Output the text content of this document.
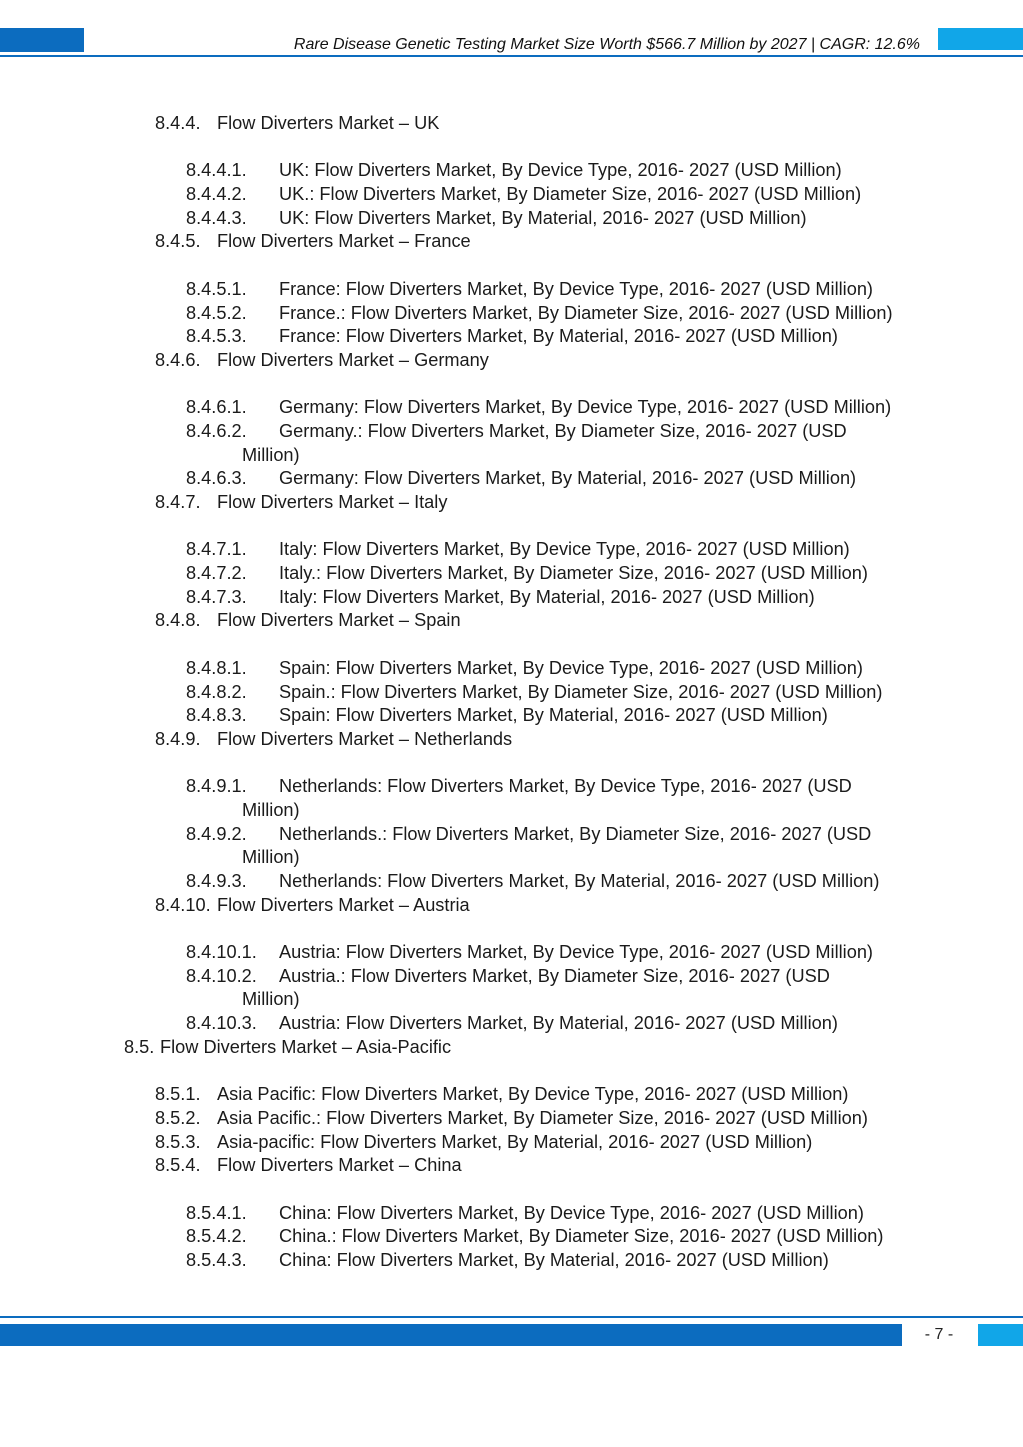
Rare Disease Genetic Testing Market Size Worth $566.7 Million by 2027 | CAGR: 12.6%
8.4.4. Flow Diverters Market – UK
8.4.4.1. UK: Flow Diverters Market, By Device Type, 2016- 2027 (USD Million)
8.4.4.2. UK.: Flow Diverters Market, By Diameter Size, 2016- 2027 (USD Million)
8.4.4.3. UK: Flow Diverters Market, By Material, 2016- 2027 (USD Million)
8.4.5. Flow Diverters Market – France
8.4.5.1. France: Flow Diverters Market, By Device Type, 2016- 2027 (USD Million)
8.4.5.2. France.: Flow Diverters Market, By Diameter Size, 2016- 2027 (USD Million)
8.4.5.3. France: Flow Diverters Market, By Material, 2016- 2027 (USD Million)
8.4.6. Flow Diverters Market – Germany
8.4.6.1. Germany: Flow Diverters Market, By Device Type, 2016- 2027 (USD Million)
8.4.6.2. Germany.: Flow Diverters Market, By Diameter Size, 2016- 2027 (USD
Million)
8.4.6.3. Germany: Flow Diverters Market, By Material, 2016- 2027 (USD Million)
8.4.7. Flow Diverters Market – Italy
8.4.7.1. Italy: Flow Diverters Market, By Device Type, 2016- 2027 (USD Million)
8.4.7.2. Italy.: Flow Diverters Market, By Diameter Size, 2016- 2027 (USD Million)
8.4.7.3. Italy: Flow Diverters Market, By Material, 2016- 2027 (USD Million)
8.4.8. Flow Diverters Market – Spain
8.4.8.1. Spain: Flow Diverters Market, By Device Type, 2016- 2027 (USD Million)
8.4.8.2. Spain.: Flow Diverters Market, By Diameter Size, 2016- 2027 (USD Million)
8.4.8.3. Spain: Flow Diverters Market, By Material, 2016- 2027 (USD Million)
8.4.9. Flow Diverters Market – Netherlands
8.4.9.1. Netherlands: Flow Diverters Market, By Device Type, 2016- 2027 (USD
Million)
8.4.9.2. Netherlands.: Flow Diverters Market, By Diameter Size, 2016- 2027 (USD
Million)
8.4.9.3. Netherlands: Flow Diverters Market, By Material, 2016- 2027 (USD Million)
8.4.10. Flow Diverters Market – Austria
8.4.10.1. Austria: Flow Diverters Market, By Device Type, 2016- 2027 (USD Million)
8.4.10.2. Austria.: Flow Diverters Market, By Diameter Size, 2016- 2027 (USD
Million)
8.4.10.3. Austria: Flow Diverters Market, By Material, 2016- 2027 (USD Million)
8.5. Flow Diverters Market – Asia-Pacific
8.5.1. Asia Pacific: Flow Diverters Market, By Device Type, 2016- 2027 (USD Million)
8.5.2. Asia Pacific.: Flow Diverters Market, By Diameter Size, 2016- 2027 (USD Million)
8.5.3. Asia-pacific: Flow Diverters Market, By Material, 2016- 2027 (USD Million)
8.5.4. Flow Diverters Market – China
8.5.4.1. China: Flow Diverters Market, By Device Type, 2016- 2027 (USD Million)
8.5.4.2. China.: Flow Diverters Market, By Diameter Size, 2016- 2027 (USD Million)
8.5.4.3. China: Flow Diverters Market, By Material, 2016- 2027 (USD Million)
- 7 -
